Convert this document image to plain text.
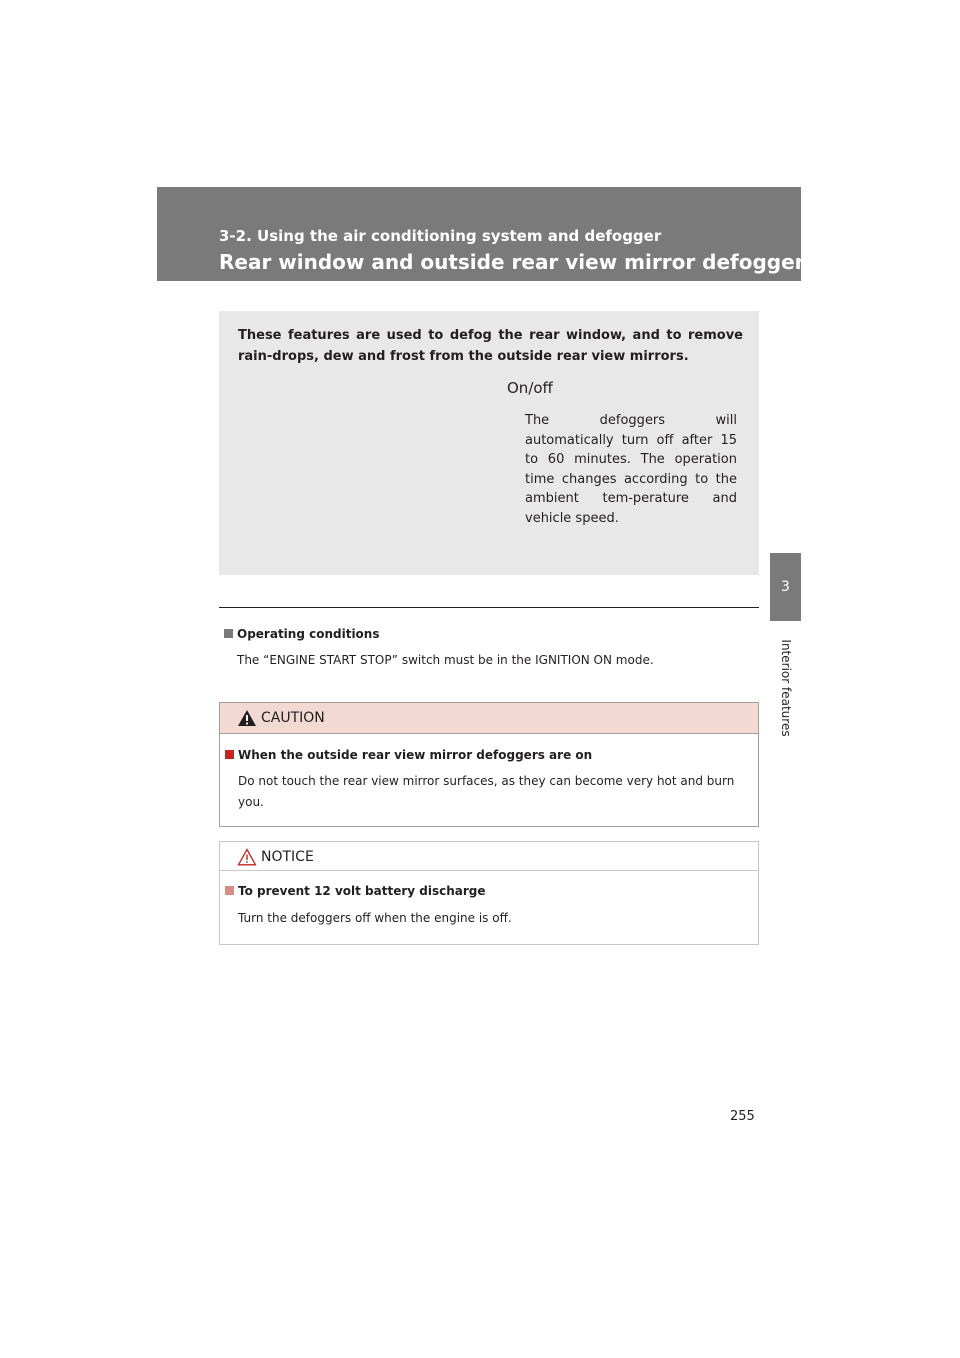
3-2. Using the air conditioning system and defogger
Rear window and outside rear view mirror defoggers
3
Interior features
These features are used to defog the rear window, and to remove rain-drops, dew and frost from the outside rear view mirrors.
On/off
The defoggers will automatically turn off after 15 to 60 minutes. The operation time changes according to the ambient tem-perature and vehicle speed.
Operating conditions
The “ENGINE START STOP” switch must be in the IGNITION ON mode.
CAUTION
When the outside rear view mirror defoggers are on
Do not touch the rear view mirror surfaces, as they can become very hot and burn you.
NOTICE
To prevent 12 volt battery discharge
Turn the defoggers off when the engine is off.
255
